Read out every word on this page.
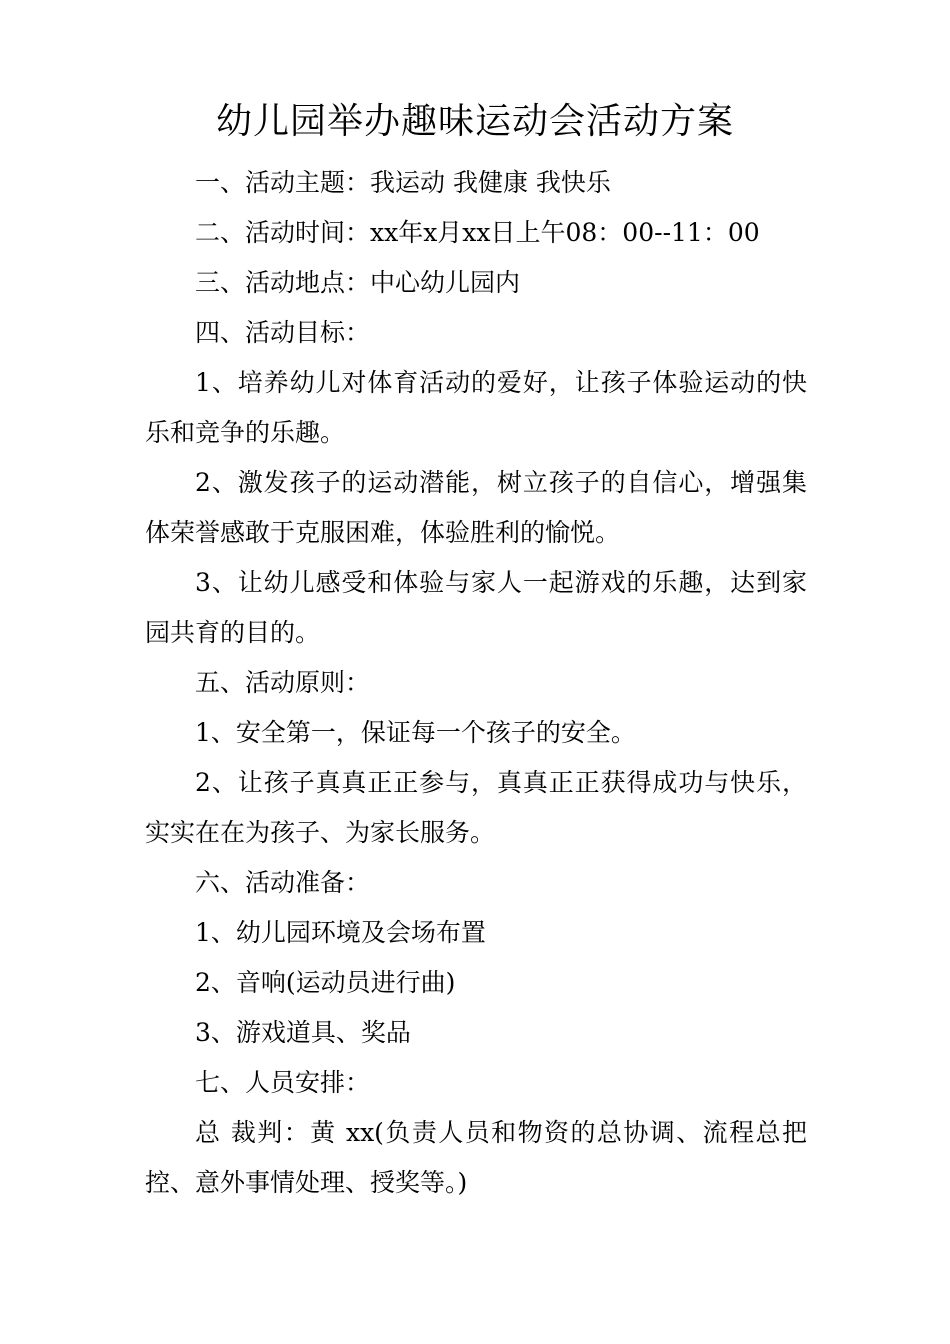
幼儿园举办趣味运动会活动方案

一、活动主题：我运动 我健康 我快乐

二、活动时间：xx年x月xx日上午08：00--11：00

三、活动地点：中心幼儿园内

四、活动目标：

1、培养幼儿对体育活动的爱好，让孩子体验运动的快乐和竞争的乐趣。

2、激发孩子的运动潜能，树立孩子的自信心，增强集体荣誉感敢于克服困难，体验胜利的愉悦。

3、让幼儿感受和体验与家人一起游戏的乐趣，达到家园共育的目的。

五、活动原则：

1、安全第一，保证每一个孩子的安全。

2、让孩子真真正正参与，真真正正获得成功与快乐，实实在在为孩子、为家长服务。

六、活动准备：

1、幼儿园环境及会场布置

2、音响(运动员进行曲)

3、游戏道具、奖品

七、人员安排：

总 裁判：黄 xx(负责人员和物资的总协调、流程总把控、意外事情处理、授奖等。)
